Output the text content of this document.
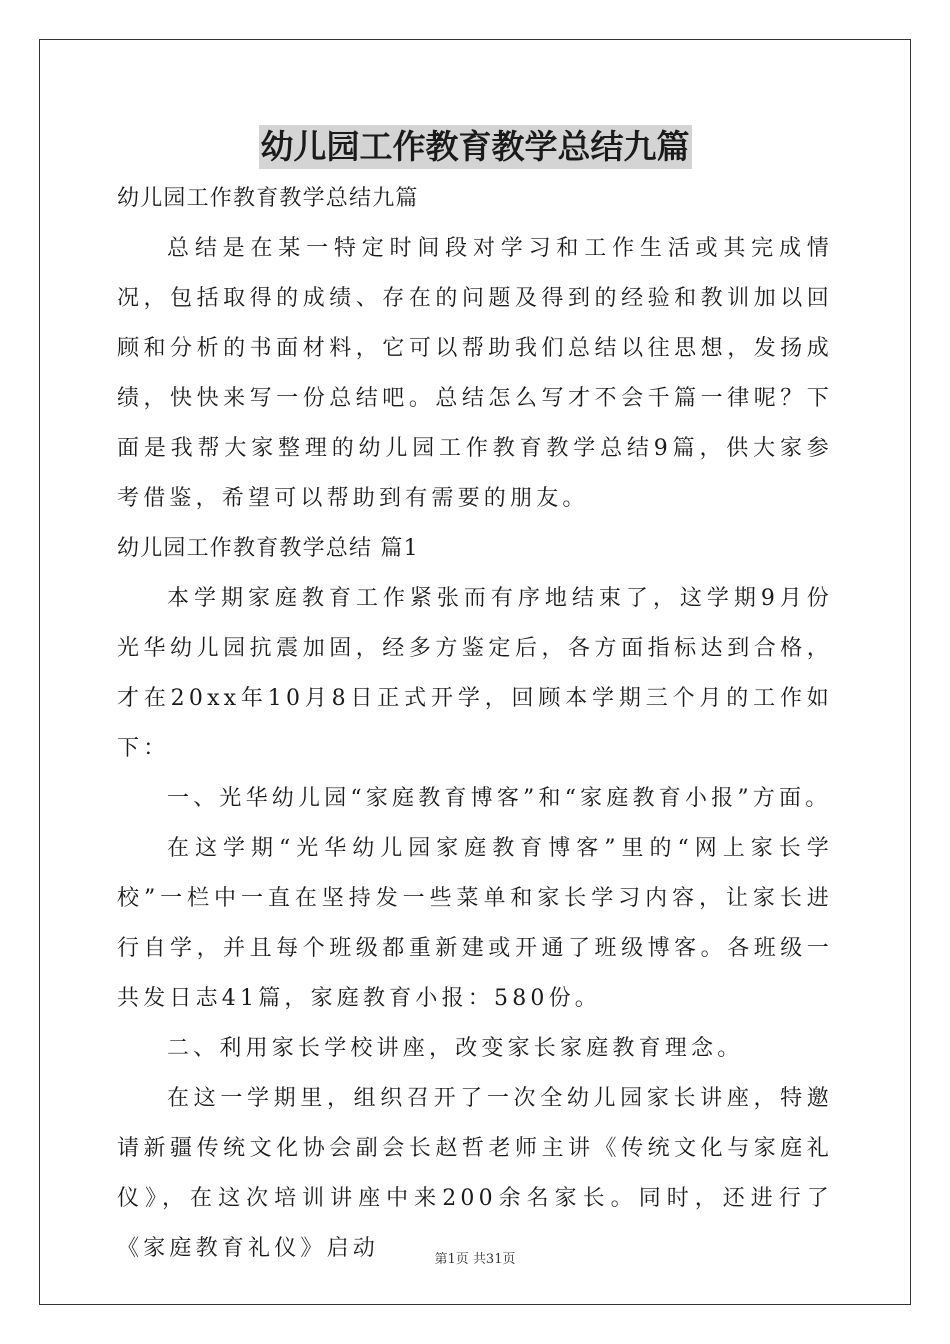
幼儿园工作教育教学总结九篇
幼儿园工作教育教学总结九篇

总结是在某一特定时间段对学习和工作生活或其完成情况，包括取得的成绩、存在的问题及得到的经验和教训加以回顾和分析的书面材料，它可以帮助我们总结以往思想，发扬成绩，快快来写一份总结吧。总结怎么写才不会千篇一律呢？下面是我帮大家整理的幼儿园工作教育教学总结9篇，供大家参考借鉴，希望可以帮助到有需要的朋友。

幼儿园工作教育教学总结 篇1

本学期家庭教育工作紧张而有序地结束了，这学期9月份光华幼儿园抗震加固，经多方鉴定后，各方面指标达到合格，才在20xx年10月8日正式开学，回顾本学期三个月的工作如下：

一、光华幼儿园“家庭教育博客”和“家庭教育小报”方面。

在这学期“光华幼儿园家庭教育博客”里的“网上家长学校”一栏中一直在坚持发一些菜单和家长学习内容，让家长进行自学，并且每个班级都重新建或开通了班级博客。各班级一共发日志41篇，家庭教育小报：580份。

二、利用家长学校讲座，改变家长家庭教育理念。

在这一学期里，组织召开了一次全幼儿园家长讲座，特邀请新疆传统文化协会副会长赵哲老师主讲《传统文化与家庭礼仪》，在这次培训讲座中来200余名家长。同时，还进行了《家庭教育礼仪》启动	第1页 共31页
